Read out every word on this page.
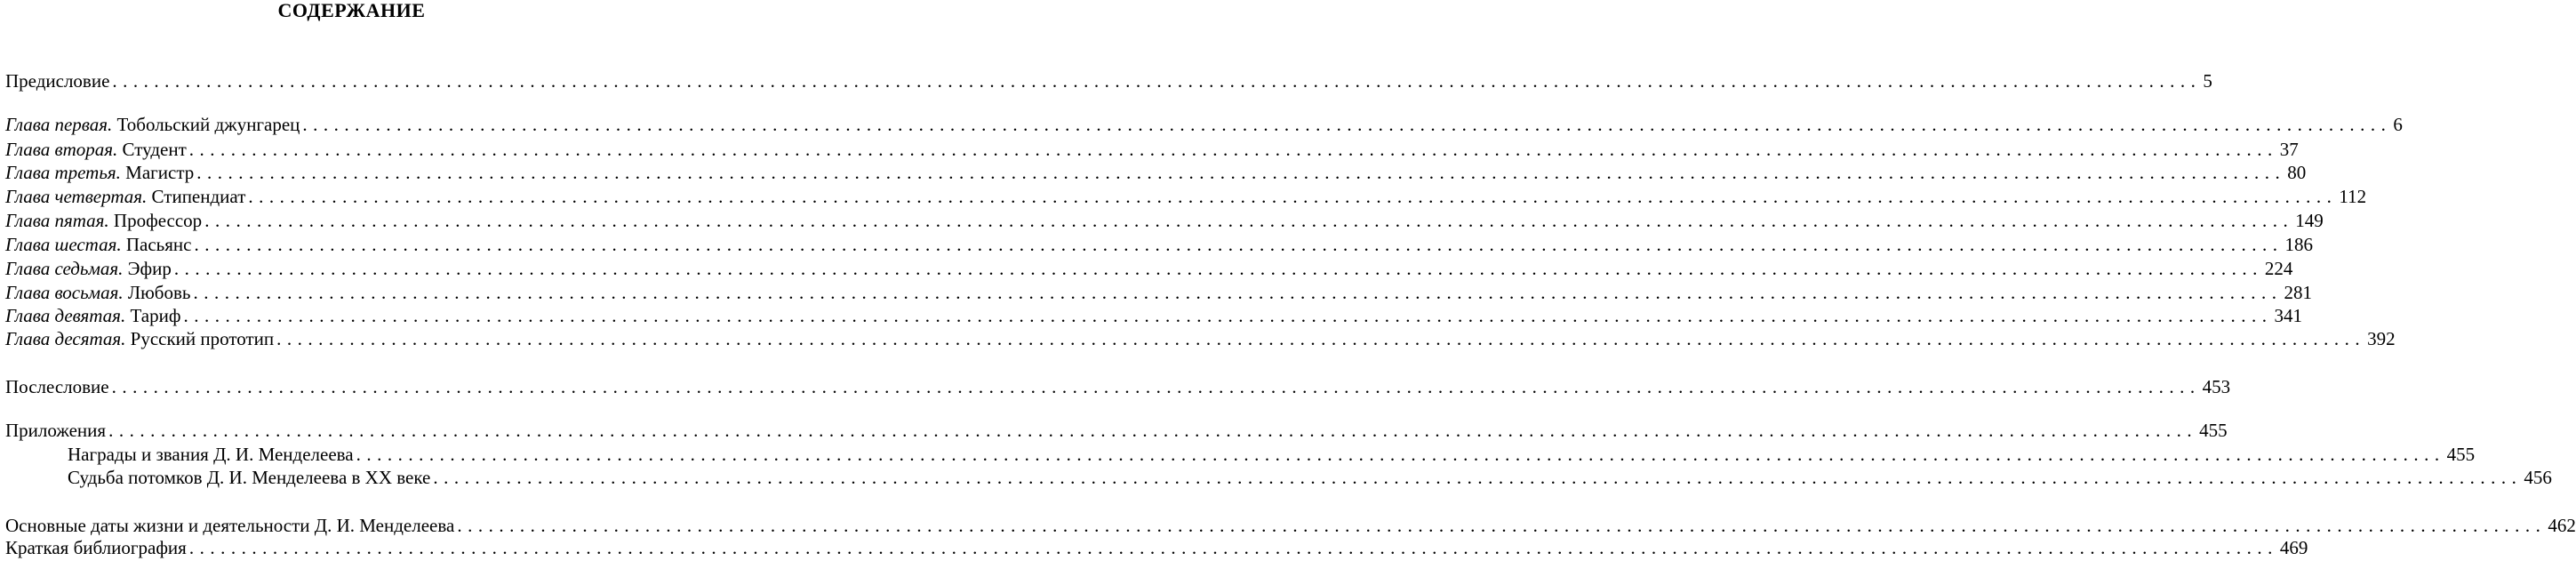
СОДЕРЖАНИЕ
Предисловие ........................................................................................................................................................................................................ 5
Глава первая. Тобольский джунгарец ........................................................................................................................................................................................................ 6
Глава вторая. Студент ........................................................................................................................................................................................................ 37
Глава третья. Магистр ........................................................................................................................................................................................................ 80
Глава четвертая. Стипендиат ........................................................................................................................................................................................................ 112
Глава пятая. Профессор ........................................................................................................................................................................................................ 149
Глава шестая. Пасьянс ........................................................................................................................................................................................................ 186
Глава седьмая. Эфир ........................................................................................................................................................................................................ 224
Глава восьмая. Любовь ........................................................................................................................................................................................................ 281
Глава девятая. Тариф ........................................................................................................................................................................................................ 341
Глава десятая. Русский прототип ........................................................................................................................................................................................................ 392
Послесловие ........................................................................................................................................................................................................ 453
Приложения ........................................................................................................................................................................................................ 455
Награды и звания Д. И. Менделеева ........................................................................................................................................................................................................ 455
Судьба потомков Д. И. Менделеева в XX веке ........................................................................................................................................................................................................ 456
Основные даты жизни и деятельности Д. И. Менделеева ........................................................................................................................................................................................................ 462
Краткая библиография ........................................................................................................................................................................................................ 469
